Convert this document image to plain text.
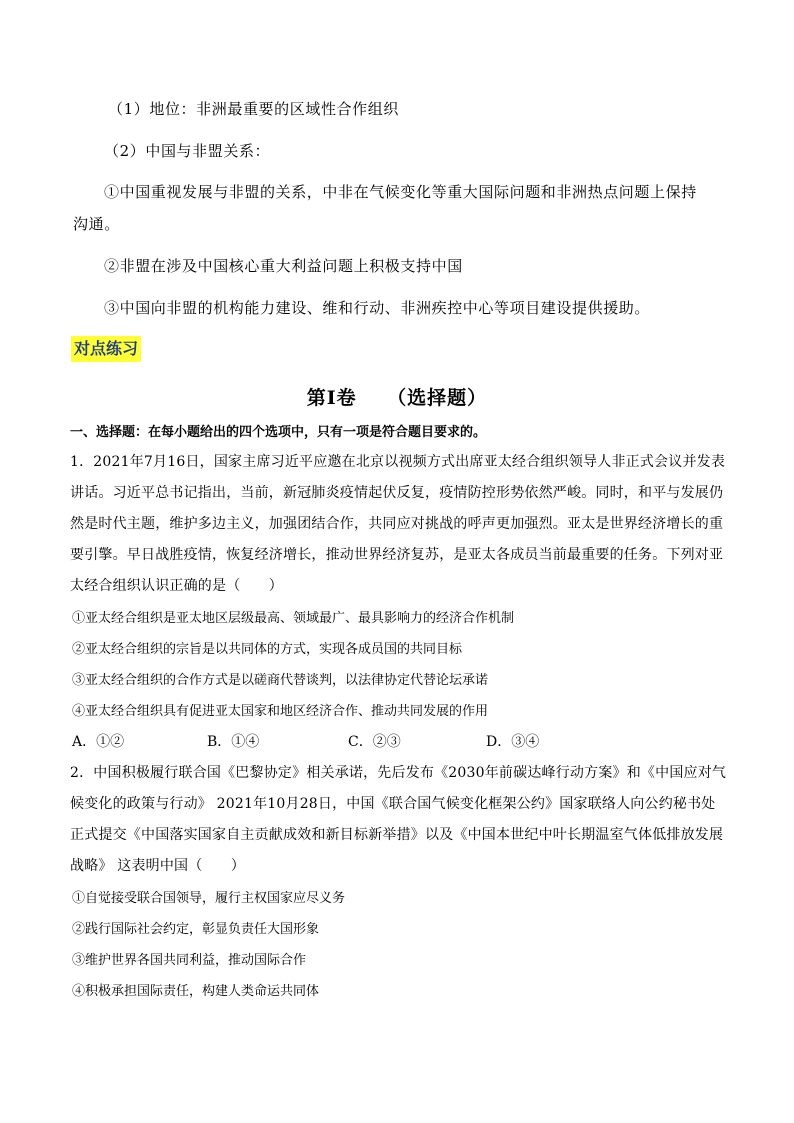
（1）地位：非洲最重要的区域性合作组织
（2）中国与非盟关系：
①中国重视发展与非盟的关系，中非在气候变化等重大国际问题和非洲热点问题上保持
沟通。
②非盟在涉及中国核心重大利益问题上积极支持中国
③中国向非盟的机构能力建设、维和行动、非洲疾控中心等项目建设提供援助。
对点练习
第Ⅰ卷　　（选择题）
一、选择题：在每小题给出的四个选项中，只有一项是符合题目要求的。
1．2021年7月16日，国家主席习近平应邀在北京以视频方式出席亚太经合组织领导人非正式会议并发表
讲话。习近平总书记指出，当前，新冠肺炎疫情起伏反复，疫情防控形势依然严峻。同时，和平与发展仍
然是时代主题，维护多边主义，加强团结合作，共同应对挑战的呼声更加强烈。亚太是世界经济增长的重
要引擎。早日战胜疫情，恢复经济增长，推动世界经济复苏，是亚太各成员当前最重要的任务。下列对亚
太经合组织认识正确的是（　　）
①亚太经合组织是亚太地区层级最高、领域最广、最具影响力的经济合作机制
②亚太经合组织的宗旨是以共同体的方式，实现各成员国的共同目标
③亚太经合组织的合作方式是以磋商代替谈判，以法律协定代替论坛承诺
④亚太经合组织具有促进亚太国家和地区经济合作、推动共同发展的作用
A．①②	B．①④	C．②③	D．③④
2．中国积极履行联合国《巴黎协定》相关承诺，先后发布《2030年前碳达峰行动方案》和《中国应对气
候变化的政策与行动》 2021年10月28日，中国《联合国气候变化框架公约》国家联络人向公约秘书处
正式提交《中国落实国家自主贡献成效和新目标新举措》以及《中国本世纪中叶长期温室气体低排放发展
战略》 这表明中国（　　）
①自觉接受联合国领导，履行主权国家应尽义务
②践行国际社会约定，彰显负责任大国形象
③维护世界各国共同利益，推动国际合作
④积极承担国际责任，构建人类命运共同体
